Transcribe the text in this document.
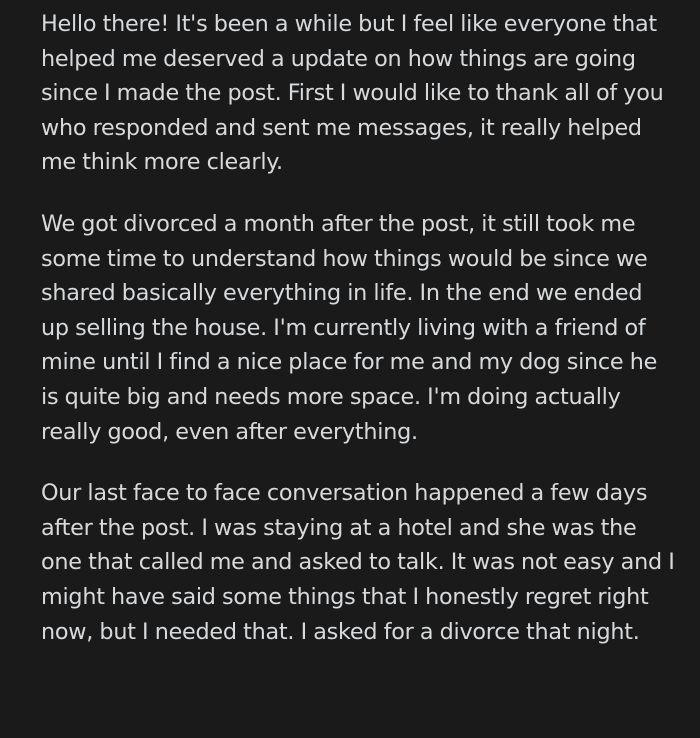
Hello there! It's been a while but I feel like everyone that helped me deserved a update on how things are going since I made the post. First I would like to thank all of you who responded and sent me messages, it really helped me think more clearly.

We got divorced a month after the post, it still took me some time to understand how things would be since we shared basically everything in life. In the end we ended up selling the house. I'm currently living with a friend of mine until I find a nice place for me and my dog since he is quite big and needs more space. I'm doing actually really good, even after everything.

Our last face to face conversation happened a few days after the post. I was staying at a hotel and she was the one that called me and asked to talk. It was not easy and I might have said some things that I honestly regret right now, but I needed that. I asked for a divorce that night.
